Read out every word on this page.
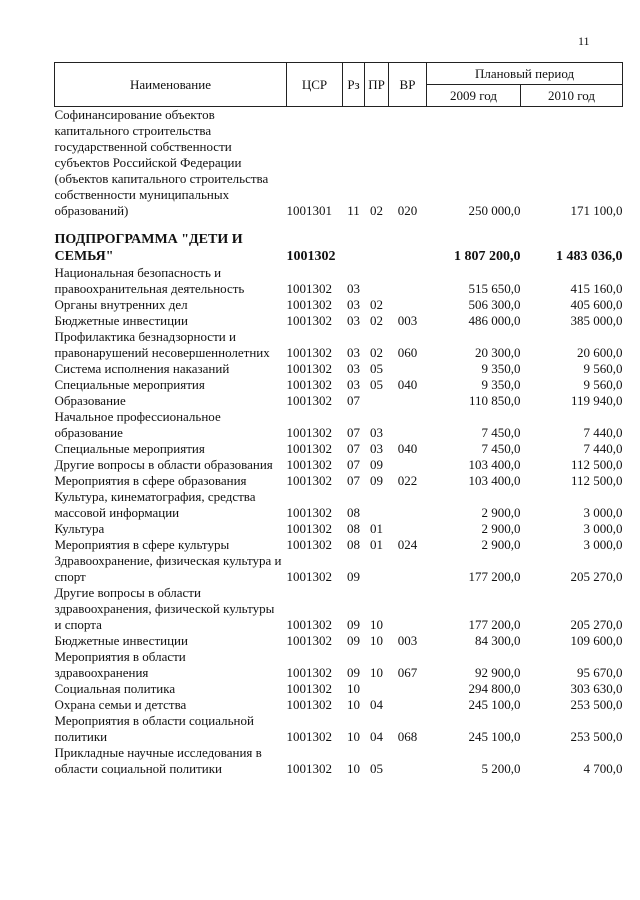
11
Наименование	ЦСР	Рз	ПР	ВР	Плановый период	
					2009 год	2010 год
Софинансирование объектов капитального строительства государственной собственности субъектов Российской Федерации (объектов капитального строительства собственности муниципальных образований)	1001301	11	02	020	250 000,0	171 100,0
ПОДПРОГРАММА "ДЕТИ И СЕМЬЯ"	1001302				1 807 200,0	1 483 036,0
Национальная безопасность и правоохранительная деятельность	1001302	03			515 650,0	415 160,0
Органы внутренних дел	1001302	03	02		506 300,0	405 600,0
Бюджетные инвестиции	1001302	03	02	003	486 000,0	385 000,0
Профилактика безнадзорности и правонарушений несовершеннолетних	1001302	03	02	060	20 300,0	20 600,0
Система исполнения наказаний	1001302	03	05		9 350,0	9 560,0
Специальные мероприятия	1001302	03	05	040	9 350,0	9 560,0
Образование	1001302	07			110 850,0	119 940,0
Начальное профессиональное образование	1001302	07	03		7 450,0	7 440,0
Специальные мероприятия	1001302	07	03	040	7 450,0	7 440,0
Другие вопросы в области образования	1001302	07	09		103 400,0	112 500,0
Мероприятия в сфере образования	1001302	07	09	022	103 400,0	112 500,0
Культура, кинематография, средства массовой информации	1001302	08			2 900,0	3 000,0
Культура	1001302	08	01		2 900,0	3 000,0
Мероприятия в сфере культуры	1001302	08	01	024	2 900,0	3 000,0
Здравоохранение, физическая культура и спорт	1001302	09			177 200,0	205 270,0
Другие вопросы в области здравоохранения, физической культуры и спорта	1001302	09	10		177 200,0	205 270,0
Бюджетные инвестиции	1001302	09	10	003	84 300,0	109 600,0
Мероприятия в области здравоохранения	1001302	09	10	067	92 900,0	95 670,0
Социальная политика	1001302	10			294 800,0	303 630,0
Охрана семьи и детства	1001302	10	04		245 100,0	253 500,0
Мероприятия в области социальной политики	1001302	10	04	068	245 100,0	253 500,0
Прикладные научные исследования в области социальной политики	1001302	10	05		5 200,0	4 700,0
